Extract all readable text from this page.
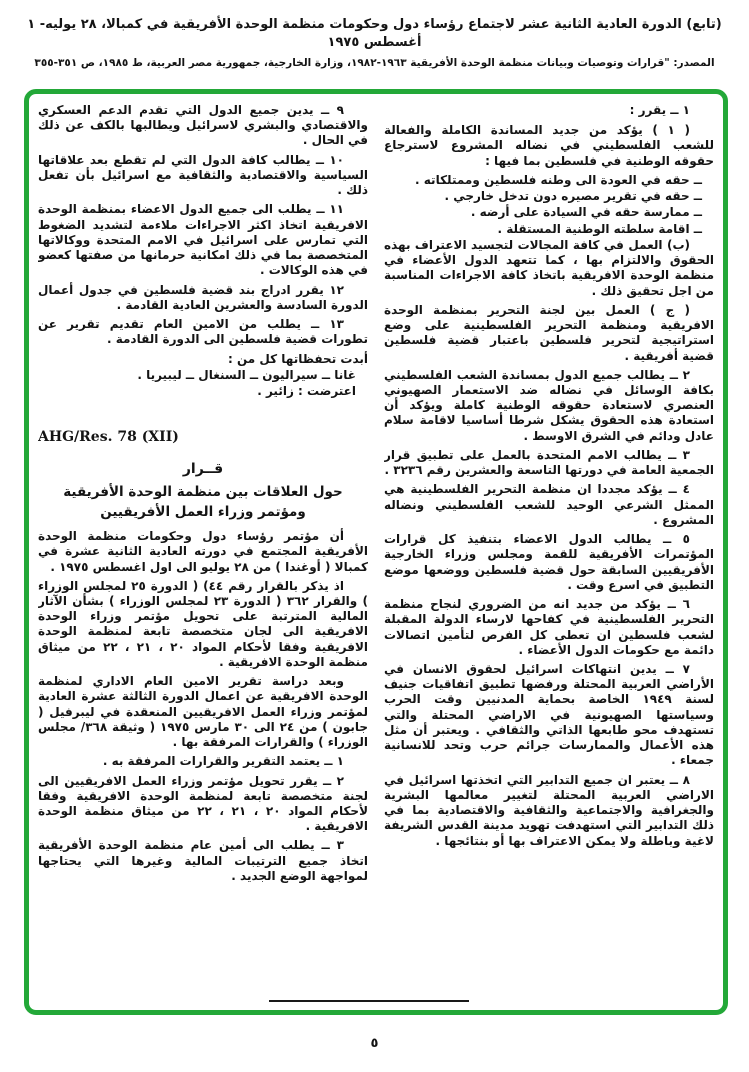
(تابع) الدورة العادية الثانية عشر لاجتماع رؤساء دول وحكومات منظمة الوحدة الأفريقية في كمبالا، ٢٨ يوليه- ١ أغسطس ١٩٧٥
المصدر: "قرارات وتوصيات وبيانات منظمة الوحدة الأفريقية ١٩٦٣-١٩٨٢، وزارة الخارجية، جمهورية مصر العربية، ط ١٩٨٥، ص ٣٥١-٣٥٥
١ ــ يقرر :
( ١ ) يؤكد من جديد المساندة الكاملة والفعالة للشعب الفلسطيني في نضاله المشروع لاسترجاع حقوقه الوطنية في فلسطين بما فيها :
ــ حقه في العودة الى وطنه فلسطين وممتلكاته .
ــ حقه في تقرير مصيره دون تدخل خارجي .
ــ ممارسة حقه في السيادة على أرضه .
ــ اقامة سلطته الوطنية المستقلة .
(ب) العمل في كافة المجالات لتجسيد الاعتراف بهذه الحقوق والالتزام بها ، كما تتعهد الدول الأعضاء في منظمة الوحدة الافريقية باتخاذ كافة الاجراءات المناسبة من اجل تحقيق ذلك .
( ج ) العمل بين لجنة التحرير بمنظمة الوحدة الافريقية ومنظمة التحرير الفلسطينية على وضع استراتيجية لتحرير فلسطين باعتبار قضية فلسطين قضية أفريقية .
٢ ــ يطالب جميع الدول بمساندة الشعب الفلسطيني بكافة الوسائل في نضاله ضد الاستعمار الصهيوني العنصري لاستعادة حقوقه الوطنية كاملة ويؤكد أن استعادة هذه الحقوق يشكل شرطا أساسيا لاقامة سلام عادل ودائم في الشرق الاوسط .
٣ ــ يطالب الامم المتحدة بالعمل على تطبيق قرار الجمعية العامة في دورتها التاسعة والعشرين رقم ٣٢٣٦ .
٤ ــ يؤكد مجددا ان منظمة التحرير الفلسطينية هي الممثل الشرعي الوحيد للشعب الفلسطيني ونضاله المشروع .
٥ ــ يطالب الدول الاعضاء بتنفيذ كل قرارات المؤتمرات الأفريقية للقمة ومجلس وزراء الخارجية الأفريقيين السابقة حول قضية فلسطين ووضعها موضع التطبيق في اسرع وقت .
٦ ــ يؤكد من جديد انه من الضروري لنجاح منظمة التحرير الفلسطينية في كفاحها لارساء الدولة المقبلة لشعب فلسطين ان تعطى كل الفرص لتأمين اتصالات دائمة مع حكومات الدول الأعضاء .
٧ ــ يدين انتهاكات اسرائيل لحقوق الانسان في الأراضي العربية المحتلة ورفضها تطبيق اتفاقيات جنيف لسنة ١٩٤٩ الخاصة بحماية المدنيين وقت الحرب وسياستها الصهيونية في الاراضي المحتلة والتي تستهدف محو طابعها الذاتي والثقافي . ويعتبر أن مثل هذه الأعمال والممارسات جرائم حرب وتحد للانسانية جمعاء .
٨ ــ يعتبر ان جميع التدابير التي اتخذتها اسرائيل في الاراضي العربية المحتلة لتغيير معالمها البشرية والجغرافية والاجتماعية والثقافية والاقتصادية بما في ذلك التدابير التي استهدفت تهويد مدينة القدس الشريفة لاغية وباطلة ولا يمكن الاعتراف بها أو بنتائجها .
٩ ــ يدين جميع الدول التي تقدم الدعم العسكري والاقتصادي والبشري لاسرائيل ويطالبها بالكف عن ذلك في الحال .
١٠ ــ يطالب كافة الدول التي لم تقطع بعد علاقاتها السياسية والاقتصادية والثقافية مع اسرائيل بأن تفعل ذلك .
١١ ــ يطلب الى جميع الدول الاعضاء بمنظمة الوحدة الافريقية اتخاذ اكثر الاجراءات ملاءمة لتشديد الضغوط التي تمارس على اسرائيل في الامم المتحدة ووكالاتها المتخصصة بما في ذلك امكانية حرمانها من صفتها كعضو في هذه الوكالات .
١٢ يقرر ادراج بند قضية فلسطين في جدول أعمال الدورة السادسة والعشرين العادية القادمة .
١٣ ــ يطلب من الامين العام تقديم تقرير عن تطورات قضية فلسطين الى الدورة القادمة .
أبدت تحفظاتها كل من :
غانا ــ سيراليون ــ السنغال ــ ليبيريا .
اعترضت : زائير .
AHG/Res. 78 (XII)
قــرار
حول العلاقات بين منظمة الوحدة الأفريقية
ومؤتمر وزراء العمل الأفريقيين
أن مؤتمر رؤساء دول وحكومات منظمة الوحدة الأفريقية المجتمع في دورته العادية الثانية عشرة في كمبالا ( أوغندا ) من ٢٨ يوليو الى اول اغسطس ١٩٧٥ .
اذ يذكر بالقرار رقم ٤٤) ( الدورة ٢٥ لمجلس الوزراء ) والقرار ٣٦٢ ( الدورة ٢٣ لمجلس الوزراء ) بشأن الآثار المالية المترتبة على تحويل مؤتمر وزراء الوحدة الافريقية الى لجان متخصصة تابعة لمنظمة الوحدة الافريقية وفقا لأحكام المواد ٢٠ ، ٢١ ، ٢٢ من ميثاق منظمة الوحدة الافريقية .
وبعد دراسة تقرير الامين العام الاداري لمنظمة الوحدة الافريقية عن اعمال الدورة الثالثة عشرة العادية لمؤتمر وزراء العمل الافريقيين المنعقدة في ليبرفيل ( جابون ) من ٢٤ الى ٣٠ مارس ١٩٧٥ ( وثيقة ٣٦٨/ مجلس الوزراء ) والقرارات المرفقة بها .
١ ــ يعتمد التقرير والقرارات المرفقة به .
٢ ــ يقرر تحويل مؤتمر وزراء العمل الافريقيين الى لجنة متخصصة تابعة لمنظمة الوحدة الافريقية وفقا لأحكام المواد ٢٠ ، ٢١ ، ٢٢ من ميثاق منظمة الوحدة الافريقية .
٣ ــ يطلب الى أمين عام منظمة الوحدة الأفريقية اتخاذ جميع الترتيبات المالية وغيرها التي يحتاجها لمواجهة الوضع الجديد .
٥
